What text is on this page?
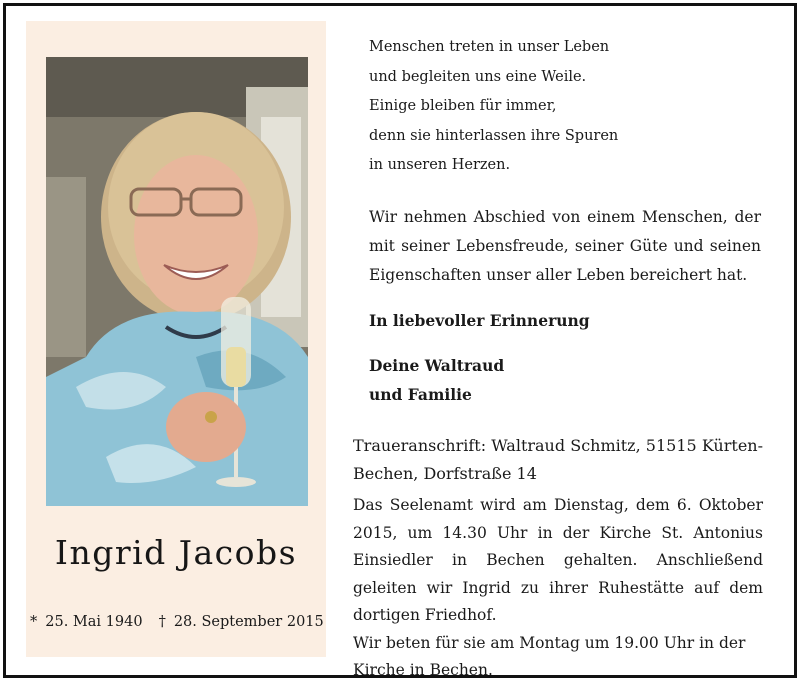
Ingrid Jacobs
* 25. Mai 1940 † 28. September 2015
Menschen treten in unser Leben
und begleiten uns eine Weile.
Einige bleiben für immer,
denn sie hinterlassen ihre Spuren
in unseren Herzen.
Wir nehmen Abschied von einem Menschen, der mit seiner Lebensfreude, seiner Güte und seinen Eigenschaften unser aller Leben bereichert hat.
In liebevoller Erinnerung
Deine Waltraud
und Familie
Traueranschrift: Waltraud Schmitz, 51515 Kürten-Bechen, Dorfstraße 14
Das Seelenamt wird am Dienstag, dem 6. Oktober 2015, um 14.30 Uhr in der Kirche St. Antonius Einsiedler in Bechen gehalten. Anschließend geleiten wir Ingrid zu ihrer Ruhestätte auf dem dortigen Friedhof.
Wir beten für sie am Montag um 19.00 Uhr in der Kirche in Bechen.
